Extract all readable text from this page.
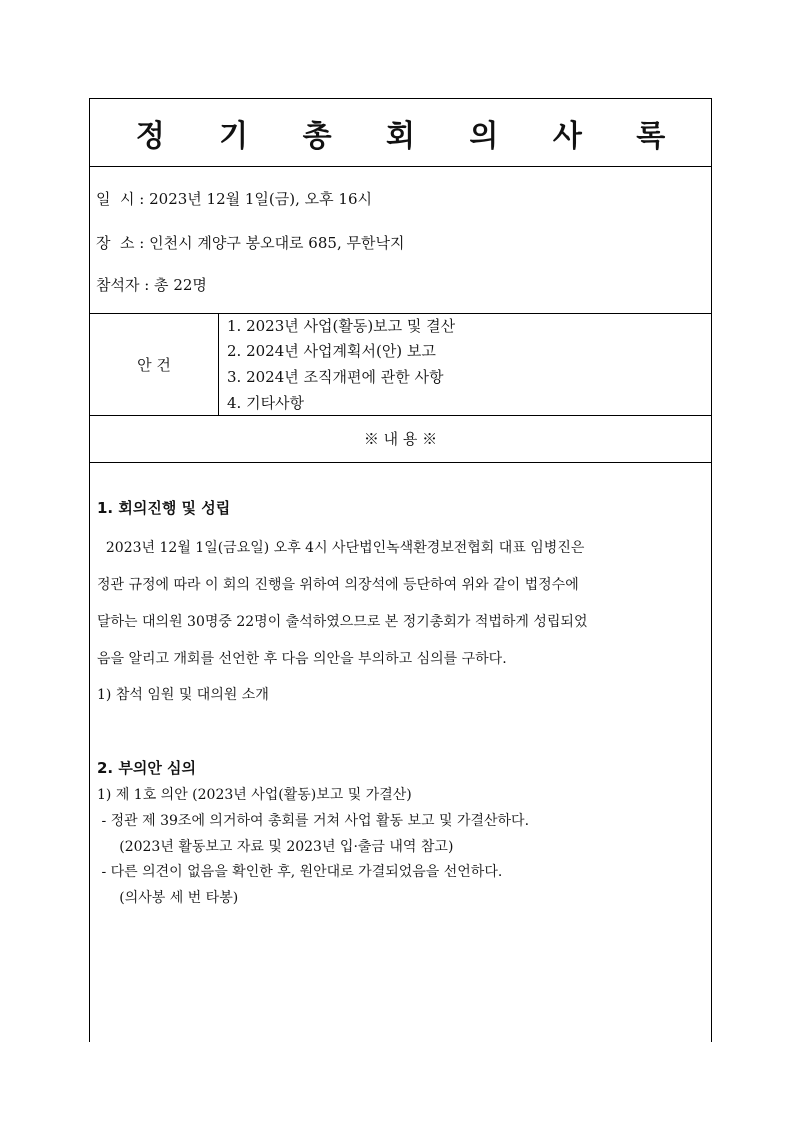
정 기 총 회 의 사 록
일  시 : 2023년 12월 1일(금), 오후 16시
장  소 : 인천시 계양구 봉오대로 685, 무한낙지
참석자 : 총 22명
안 건
1. 2023년 사업(활동)보고 및 결산
2. 2024년 사업계획서(안) 보고
3. 2024년 조직개편에 관한 사항
4. 기타사항
※ 내 용 ※
1. 회의진행 및 성립
2023년 12월 1일(금요일) 오후 4시 사단법인녹색환경보전협회 대표 임병진은
정관 규정에 따라 이 회의 진행을 위하여 의장석에 등단하여 위와 같이 법정수에
달하는 대의원 30명중 22명이 출석하였으므로 본 정기총회가 적법하게 성립되었
음을 알리고 개회를 선언한 후 다음 의안을 부의하고 심의를 구하다.
1) 참석 임원 및 대의원 소개
2. 부의안 심의
1) 제 1호 의안 (2023년 사업(활동)보고 및 가결산)
- 정관 제 39조에 의거하여 총회를 거쳐 사업 활동 보고 및 가결산하다.
(2023년 활동보고 자료 및 2023년 입·출금 내역 참고)
- 다른 의견이 없음을 확인한 후, 원안대로 가결되었음을 선언하다.
(의사봉 세 번 타봉)
